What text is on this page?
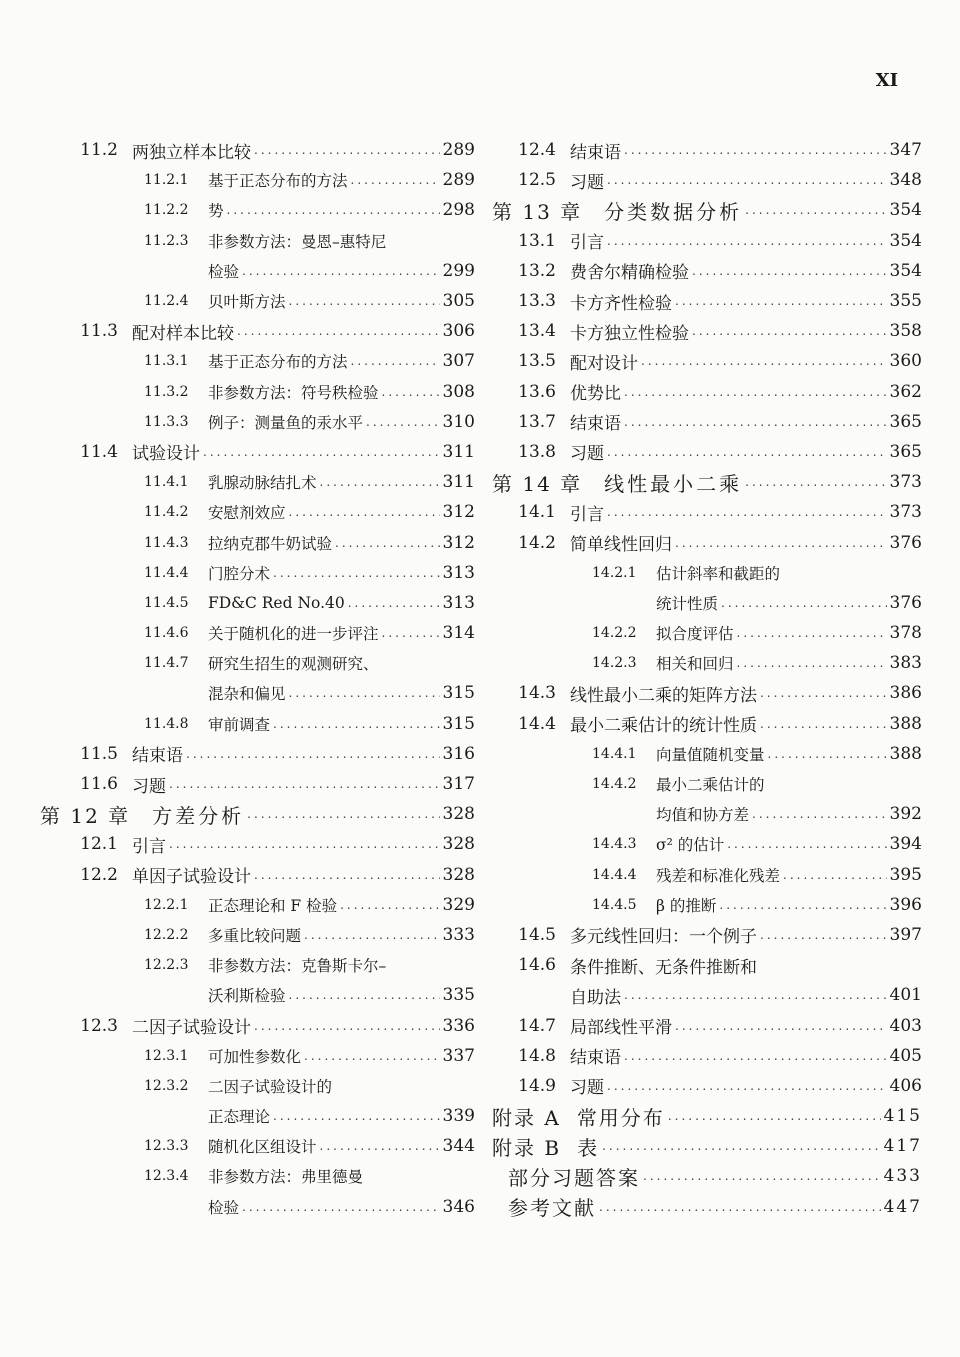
XI
11.2 两独立样本比较 .....	289
11.2.1	基于正态分布的方法 .....	289
11.2.2	势 .....	298
11.2.3	非参数方法：曼恩–惠特尼
检验 .....	299
11.2.4	贝叶斯方法 .....	305
11.3 配对样本比较 .....	306
11.3.1	基于正态分布的方法 .....	307
11.3.2	非参数方法：符号秩检验 .....	308
11.3.3	例子：测量鱼的汞水平 .....	310
11.4 试验设计 .....	311
11.4.1	乳腺动脉结扎术 .....	311
11.4.2	安慰剂效应 .....	312
11.4.3	拉纳克郡牛奶试验 .....	312
11.4.4	门腔分术 .....	313
11.4.5	FD&C Red No.40 .....	313
11.4.6	关于随机化的进一步评注 .....	314
11.4.7	研究生招生的观测研究、
混杂和偏见 .....	315
11.4.8	审前调查 .....	315
11.5 结束语 .....	316
11.6 习题 .....	317
第 12 章 方差分析 .....	328
12.1 引言 .....	328
12.2 单因子试验设计 .....	328
12.2.1	正态理论和 F 检验 .....	329
12.2.2	多重比较问题 .....	333
12.2.3	非参数方法：克鲁斯卡尔–
沃利斯检验 .....	335
12.3 二因子试验设计 .....	336
12.3.1	可加性参数化 .....	337
12.3.2	二因子试验设计的
正态理论 .....	339
12.3.3	随机化区组设计 .....	344
12.3.4	非参数方法：弗里德曼
检验 .....	346
12.4 结束语 .....	347
12.5 习题 .....	348
第 13 章 分类数据分析 .....	354
13.1 引言 .....	354
13.2 费舍尔精确检验 .....	354
13.3 卡方齐性检验 .....	355
13.4 卡方独立性检验 .....	358
13.5 配对设计 .....	360
13.6 优势比 .....	362
13.7 结束语 .....	365
13.8 习题 .....	365
第 14 章 线性最小二乘 .....	373
14.1 引言 .....	373
14.2 简单线性回归 .....	376
14.2.1	估计斜率和截距的
统计性质 .....	376
14.2.2	拟合度评估 .....	378
14.2.3	相关和回归 .....	383
14.3 线性最小二乘的矩阵方法 .....	386
14.4 最小二乘估计的统计性质 .....	388
14.4.1	向量值随机变量 .....	388
14.4.2	最小二乘估计的
均值和协方差 .....	392
14.4.3	σ² 的估计 .....	394
14.4.4	残差和标准化残差 .....	395
14.4.5	β 的推断 .....	396
14.5 多元线性回归：一个例子 .....	397
14.6 条件推断、无条件推断和
自助法 .....	401
14.7 局部线性平滑 .....	403
14.8 结束语 .....	405
14.9 习题 .....	406
附录 A 常用分布 .....	415
附录 B 表 .....	417
部分习题答案 .....	433
参考文献 .....	447
